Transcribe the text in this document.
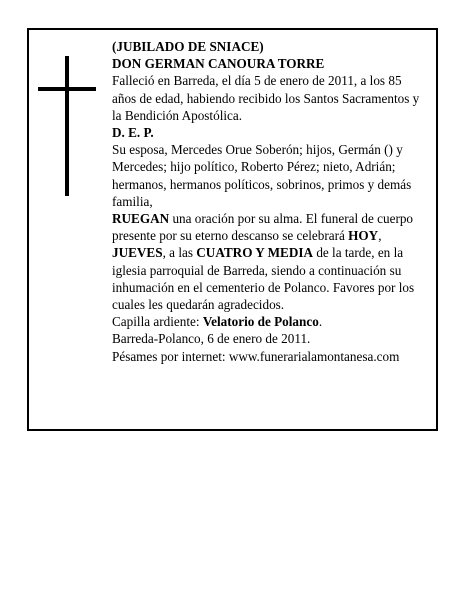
(JUBILADO DE SNIACE)

DON GERMAN CANOURA TORRE

Falleció en Barreda, el día 5 de enero de 2011, a los 85 años de edad, habiendo recibido los Santos Sacramentos y la Bendición Apostólica.

D. E. P.

Su esposa, Mercedes Orue Soberón; hijos, Germán () y Mercedes; hijo político, Roberto Pérez; nieto, Adrián; hermanos, hermanos políticos, sobrinos, primos y demás familia,

RUEGAN una oración por su alma. El funeral de cuerpo presente por su eterno descanso se celebrará HOY, JUEVES, a las CUATRO Y MEDIA de la tarde, en la iglesia parroquial de Barreda, siendo a continuación su inhumación en el cementerio de Polanco. Favores por los cuales les quedarán agradecidos.

Capilla ardiente: Velatorio de Polanco.

Barreda-Polanco, 6 de enero de 2011.

Pésames por internet: www.funerarialamontanesa.com
